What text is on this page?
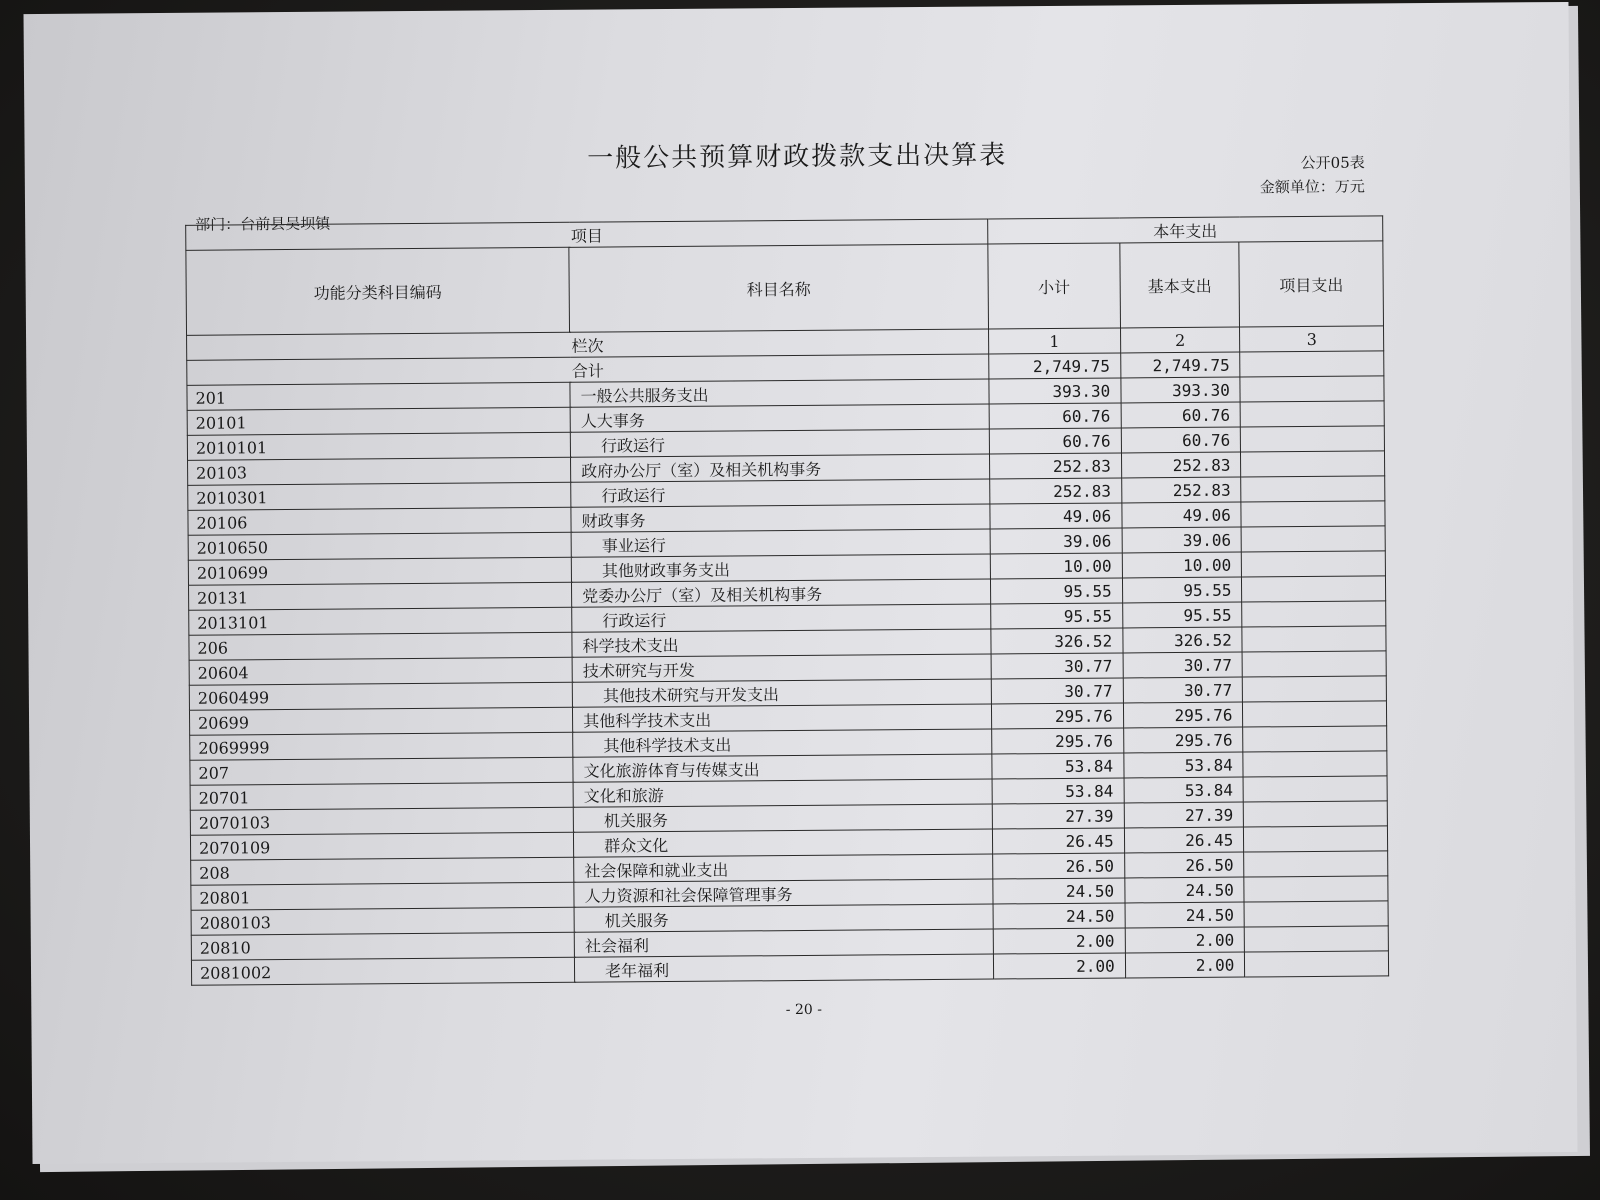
一般公共预算财政拨款支出决算表	公开05表
金额单位：万元
部门：台前县吴坝镇
项目		本年支出		
功能分类科目编码	科目名称	小计	基本支出	项目支出
栏次		1	2	3
合计		2,749.75	2,749.75	
201	一般公共服务支出	393.30	393.30	
20101	人大事务	60.76	60.76	
2010101	行政运行	60.76	60.76	
20103	政府办公厅（室）及相关机构事务	252.83	252.83	
2010301	行政运行	252.83	252.83	
20106	财政事务	49.06	49.06	
2010650	事业运行	39.06	39.06	
2010699	其他财政事务支出	10.00	10.00	
20131	党委办公厅（室）及相关机构事务	95.55	95.55	
2013101	行政运行	95.55	95.55	
206	科学技术支出	326.52	326.52	
20604	技术研究与开发	30.77	30.77	
2060499	其他技术研究与开发支出	30.77	30.77	
20699	其他科学技术支出	295.76	295.76	
2069999	其他科学技术支出	295.76	295.76	
207	文化旅游体育与传媒支出	53.84	53.84	
20701	文化和旅游	53.84	53.84	
2070103	机关服务	27.39	27.39	
2070109	群众文化	26.45	26.45	
208	社会保障和就业支出	26.50	26.50	
20801	人力资源和社会保障管理事务	24.50	24.50	
2080103	机关服务	24.50	24.50	
20810	社会福利	2.00	2.00	
2081002	老年福利	2.00	2.00	
- 20 -
